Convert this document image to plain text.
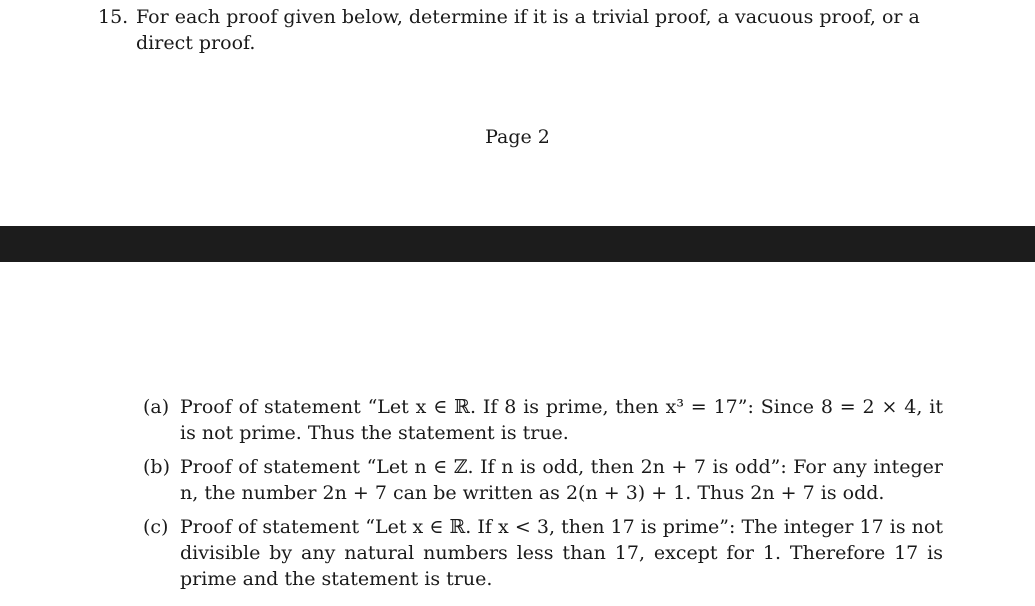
15. For each proof given below, determine if it is a trivial proof, a vacuous proof, or a direct proof.
Page 2
(a) Proof of statement “Let x ∈ ℝ. If 8 is prime, then x³ = 17”: Since 8 = 2 × 4, it is not prime. Thus the statement is true.
(b) Proof of statement “Let n ∈ ℤ. If n is odd, then 2n + 7 is odd”: For any integer n, the number 2n + 7 can be written as 2(n + 3) + 1. Thus 2n + 7 is odd.
(c) Proof of statement “Let x ∈ ℝ. If x < 3, then 17 is prime”: The integer 17 is not divisible by any natural numbers less than 17, except for 1. Therefore 17 is prime and the statement is true.
